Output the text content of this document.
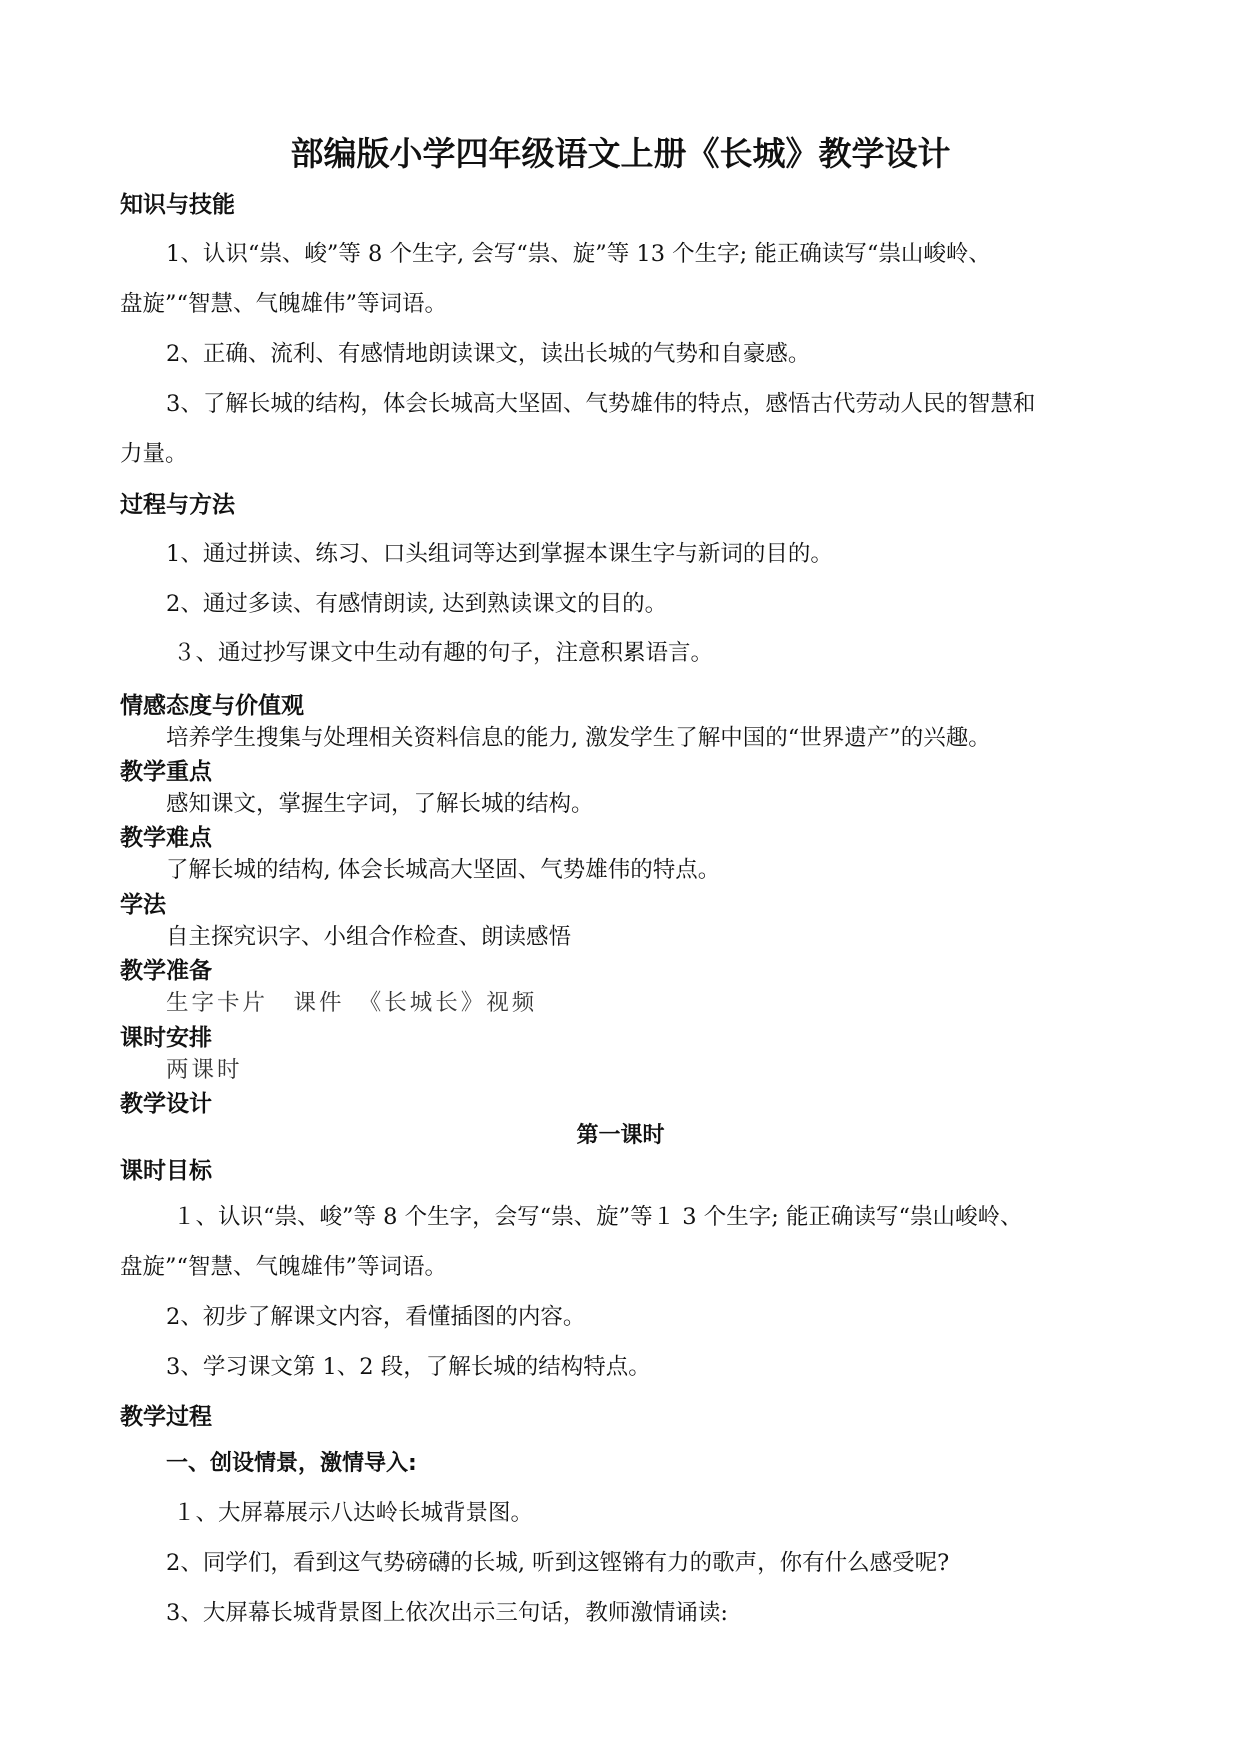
部编版小学四年级语文上册《长城》教学设计
知识与技能
1、认识“祟、峻”等 8 个生字, 会写“祟、旋”等 13 个生字; 能正确读写“祟山峻岭、
盘旋”“智慧、气魄雄伟”等词语。
2、正确、流利、有感情地朗读课文，读出长城的气势和自豪感。
3、了解长城的结构，体会长城高大坚固、气势雄伟的特点，感悟古代劳动人民的智慧和
力量。
过程与方法
1、通过拼读、练习、口头组词等达到掌握本课生字与新词的目的。
2、通过多读、有感情朗读, 达到熟读课文的目的。
３、通过抄写课文中生动有趣的句子，注意积累语言。
情感态度与价值观
培养学生搜集与处理相关资料信息的能力, 激发学生了解中国的“世界遗产”的兴趣。
教学重点
感知课文，掌握生字词，了解长城的结构。
教学难点
了解长城的结构, 体会长城高大坚固、气势雄伟的特点。
学法
自主探究识字、小组合作检查、朗读感悟
教学准备
生字卡片　课件　《长城长》视频
课时安排
两课时
教学设计
第一课时
课时目标
１、认识“祟、峻”等 8 个生字，会写“祟、旋”等１ 3 个生字; 能正确读写“祟山峻岭、
盘旋”“智慧、气魄雄伟”等词语。
2、初步了解课文内容，看懂插图的内容。
3、学习课文第 1、2 段，了解长城的结构特点。
教学过程
一、创设情景，激情导入:
１、大屏幕展示八达岭长城背景图。
2、同学们，看到这气势磅礴的长城, 听到这铿锵有力的歌声，你有什么感受呢?
3、大屏幕长城背景图上依次出示三句话，教师激情诵读:
